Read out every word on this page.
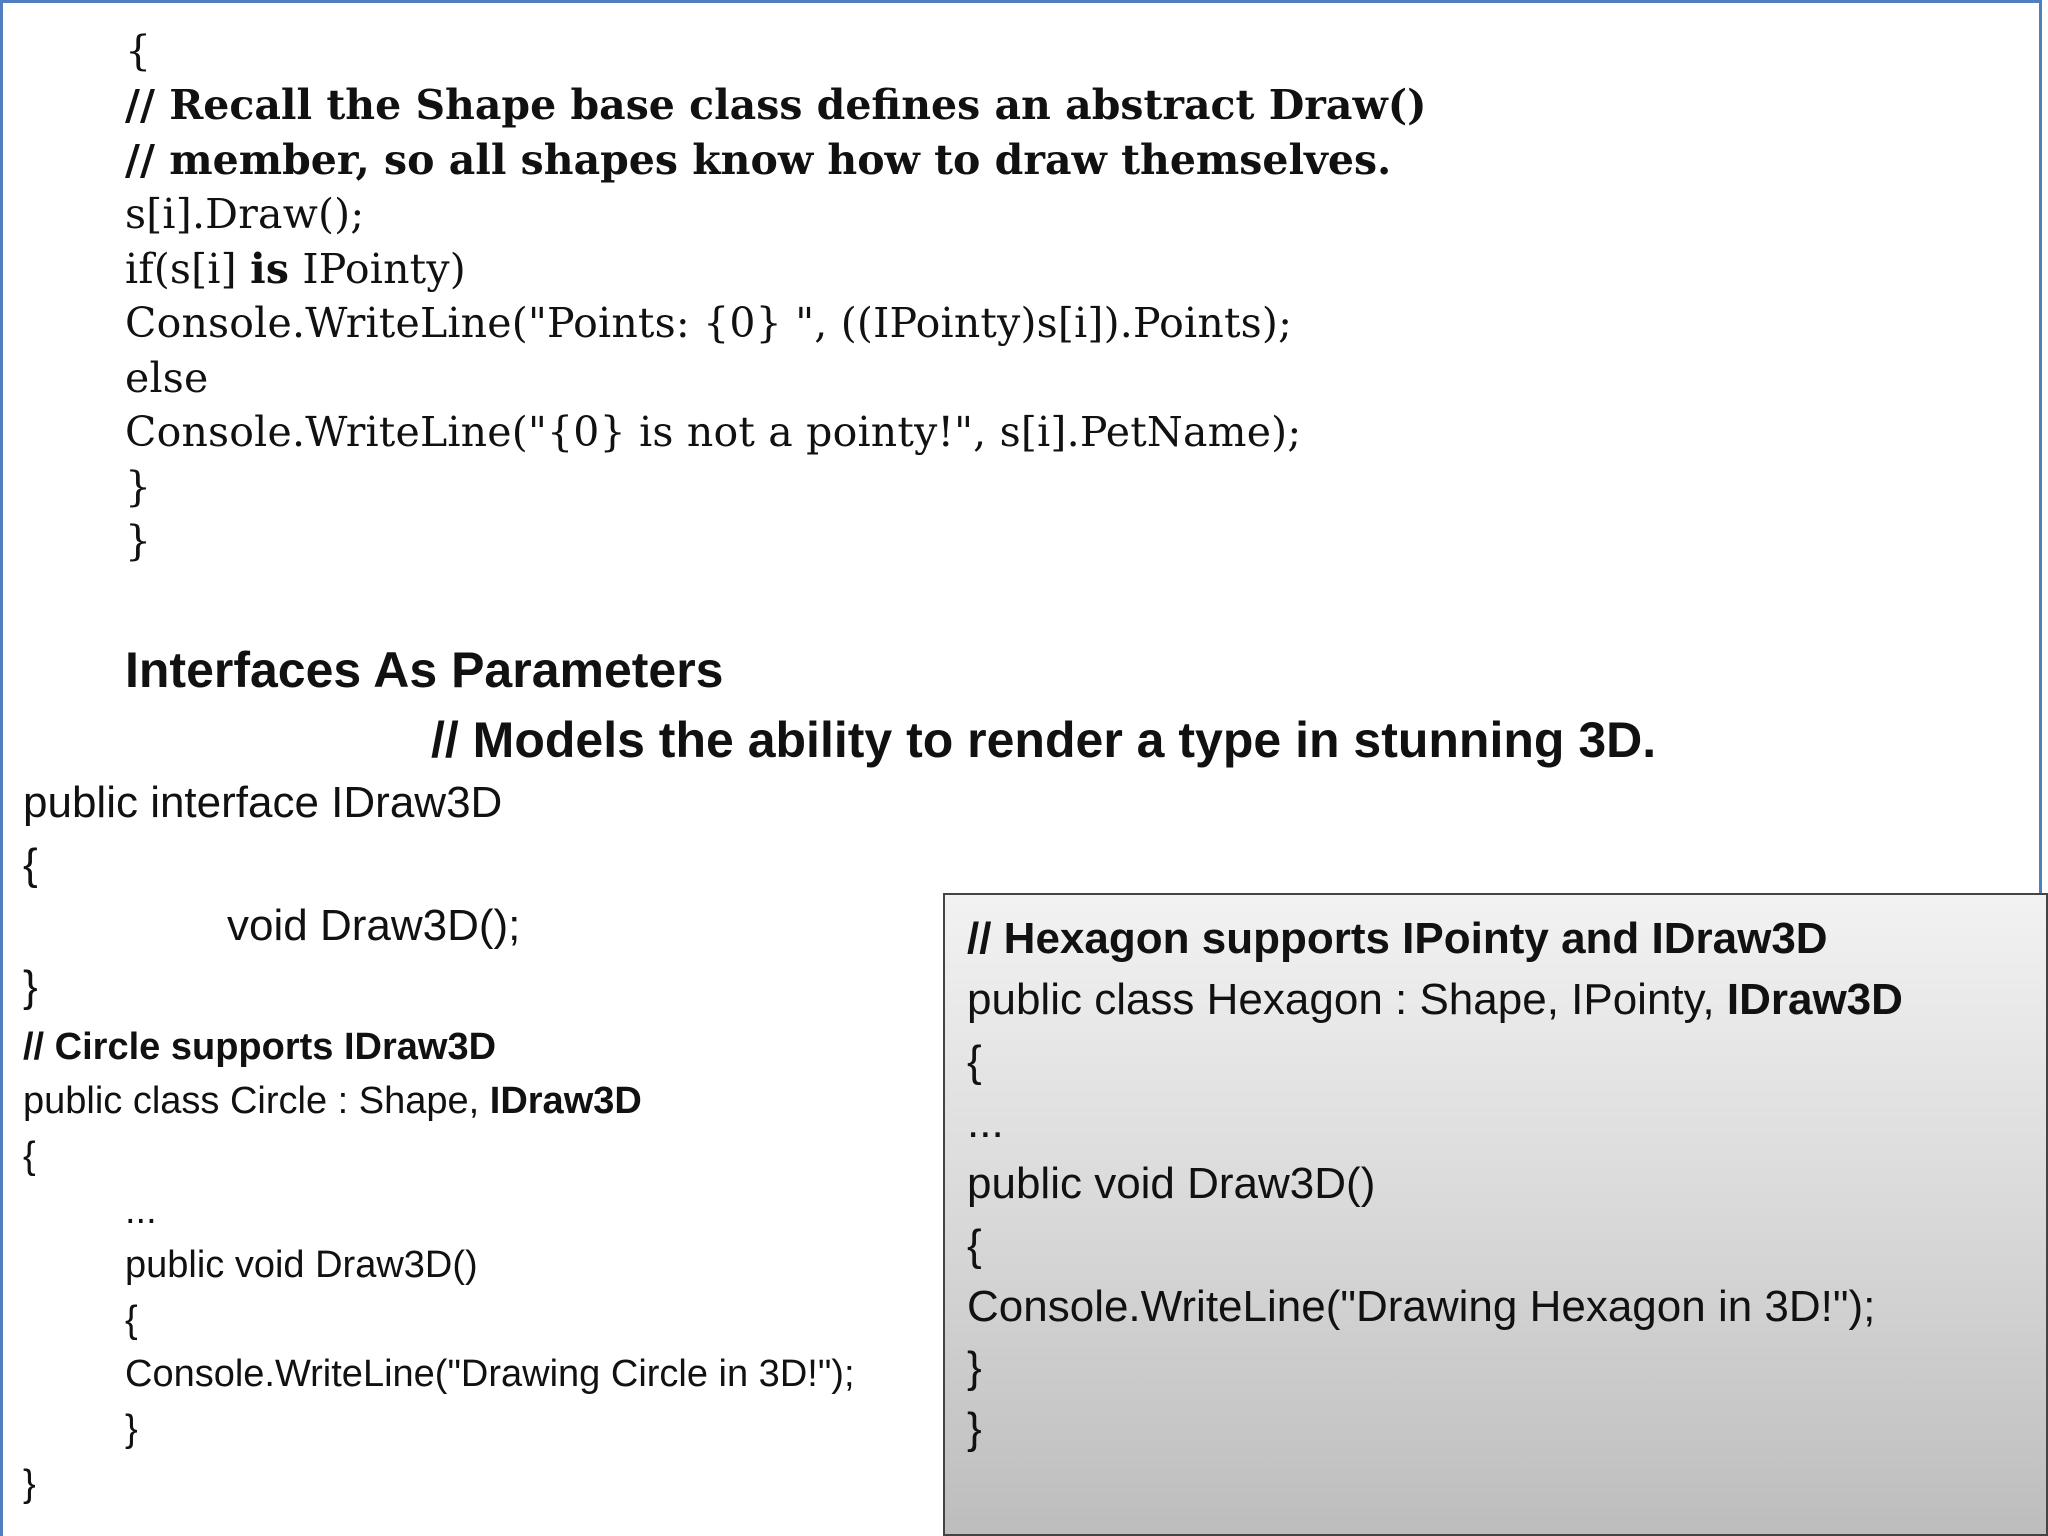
{
// Recall the Shape base class defines an abstract Draw()
// member, so all shapes know how to draw themselves.
s[i].Draw();
if(s[i] is IPointy)
Console.WriteLine("Points: {0} ", ((IPointy)s[i]).Points);
else
Console.WriteLine("{0} is not a pointy!", s[i].PetName);
}
}
Interfaces As Parameters
// Models the ability to render a type in stunning 3D.
public interface IDraw3D
{
void Draw3D();
}
// Circle supports IDraw3D
public class Circle : Shape, IDraw3D
{
...
public void Draw3D()
{
Console.WriteLine("Drawing Circle in 3D!");
}
}
// Hexagon supports IPointy and IDraw3D
public class Hexagon : Shape, IPointy, IDraw3D
{
...
public void Draw3D()
{
Console.WriteLine("Drawing Hexagon in 3D!");
}
}
